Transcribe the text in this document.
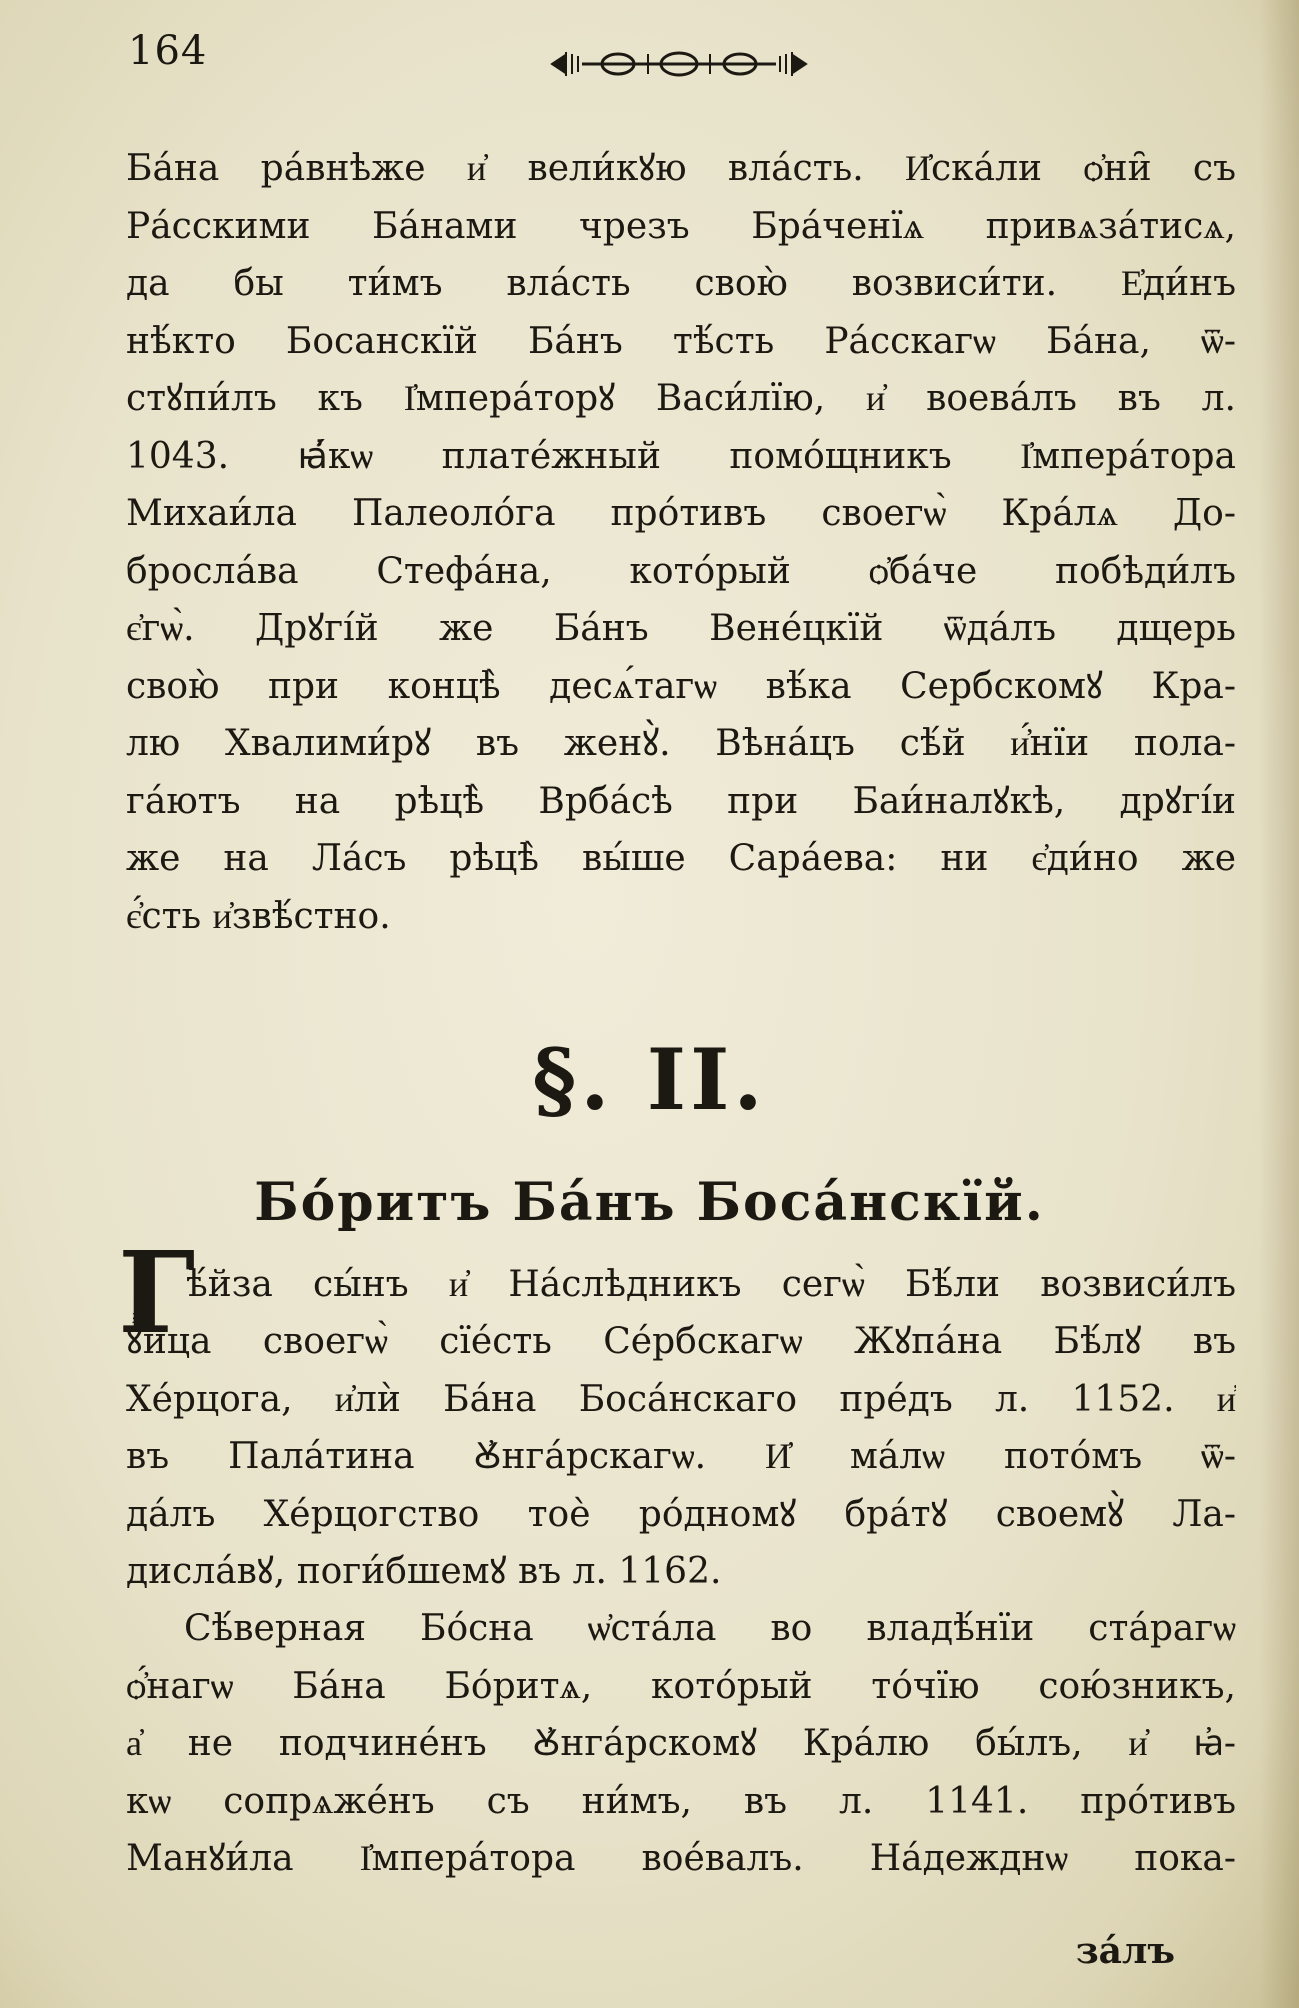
164
Бáна рáвнѣже и҆ вели́кꙋю вла́сть. И҆ска́ли ѻ҆ни̑ съ
Ра́сскими Ба́нами чрезъ Бра́ченїѧ привѧза́тисѧ,
да бы ти́мъ вла́сть свою̀ возвиси́ти. Е҆ди́нъ
нѣ́кто Босанскїй Ба́нъ тѣ́сть Ра́сскагѡ Ба́на, ѿ-
стꙋпи́лъ къ І҆мперáторꙋ Васи́лїю, и҆ воева́лъ въ л.
1043. ꙗ҆́кѡ плате́жный помо́щникъ І҆мпера́тора
Михаи́ла Палеоло́га про́тивъ своегѡ̀ Кра́лѧ До-
брослáва Стефа́на, кото́рый ѻ҆ба́че побѣди́лъ
є҆гѡ̀. Дрꙋгі́й же Ба́нъ Вене́цкїй ѿда́лъ дщерь
свою̀ при концѣ̀ десѧ́тагѡ вѣ́ка Сербскомꙋ Кра-
лю Хвалими́рꙋ въ женꙋ̀. Вѣнáцъ сѣ́й и҆́нїи пола-
гáютъ на рѣцѣ̀ Врба́сѣ при Баи́налꙋкѣ, дрꙋгі́и
же на Ла́съ рѣцѣ̀ вы́ше Сара́ева: ни є҆ди́но же
є҆́сть и҆звѣ́стно.
§. II.
Бо́ритъ Ба́нъ Боса́нскїй.
Г
ѣ́йза сы́нъ и҆ На́слѣдникъ сегѡ̀ Бѣ́ли возвиси́лъ
ꙋ҆́йца своегѡ̀ сїе́сть Се́рбскагѡ Жꙋпа́на Бѣ́лꙋ въ
Хе́рцога, и҆лѝ Ба́на Боса́нскаго пре́дъ л. 1152. и҆
въ Пала́тина Ꙋ҆нга́рскагѡ. И҆ ма́лѡ пото́мъ ѿ-
да́лъ Хе́рцогство тоѐ ро́дномꙋ бра́тꙋ своемꙋ̀ Ла-
дисла́вꙋ, поги́бшемꙋ въ л. 1162.
Сѣ́верная Бо́сна ѡ҆ста́ла во владѣ́нїи ста́рагѡ
ѻ҆́нагѡ Ба́на Бо́ритѧ, кото́рый то́чїю сою́зникъ,
а҆ не подчине́нъ Ꙋ҆нга́рскомꙋ Кра́лю бы́лъ, и҆ ꙗ҆-
кѡ сопрѧже́нъ съ ни́мъ, въ л. 1141. про́тивъ
Манꙋи́ла І҆мпера́тора вое́валъ. На́дежднѡ пока-
за́лъ
